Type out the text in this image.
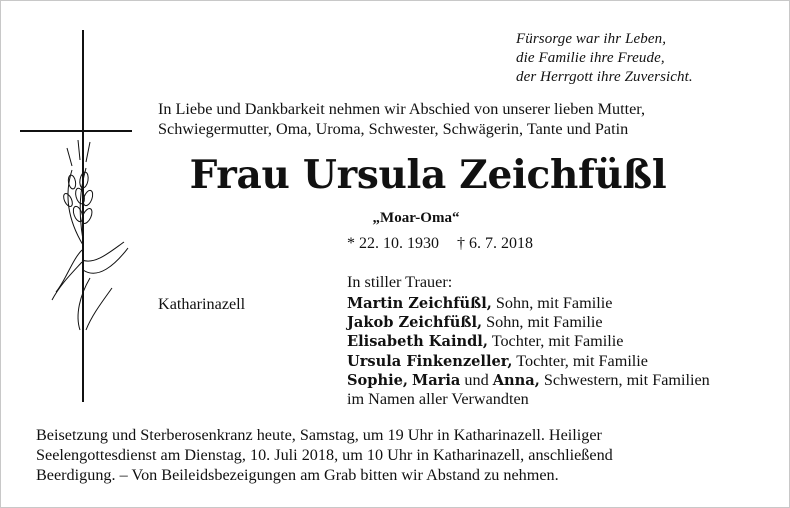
Fürsorge war ihr Leben,
die Familie ihre Freude,
der Herrgott ihre Zuversicht.
In Liebe und Dankbarkeit nehmen wir Abschied von unserer lieben Mutter,
Schwiegermutter, Oma, Uroma, Schwester, Schwägerin, Tante und Patin
Frau Ursula Zeichfüßl
„Moar-Oma“
* 22. 10. 1930 † 6. 7. 2018
In stiller Trauer:
Katharinazell	Martin Zeichfüßl, Sohn, mit Familie
Jakob Zeichfüßl, Sohn, mit Familie
Elisabeth Kaindl, Tochter, mit Familie
Ursula Finkenzeller, Tochter, mit Familie
Sophie, Maria und Anna, Schwestern, mit Familien
im Namen aller Verwandten
Beisetzung und Sterberosenkranz heute, Samstag, um 19 Uhr in Katharinazell. Heiliger
Seelengottesdienst am Dienstag, 10. Juli 2018, um 10 Uhr in Katharinazell, anschließend
Beerdigung. – Von Beileidsbezeigungen am Grab bitten wir Abstand zu nehmen.
